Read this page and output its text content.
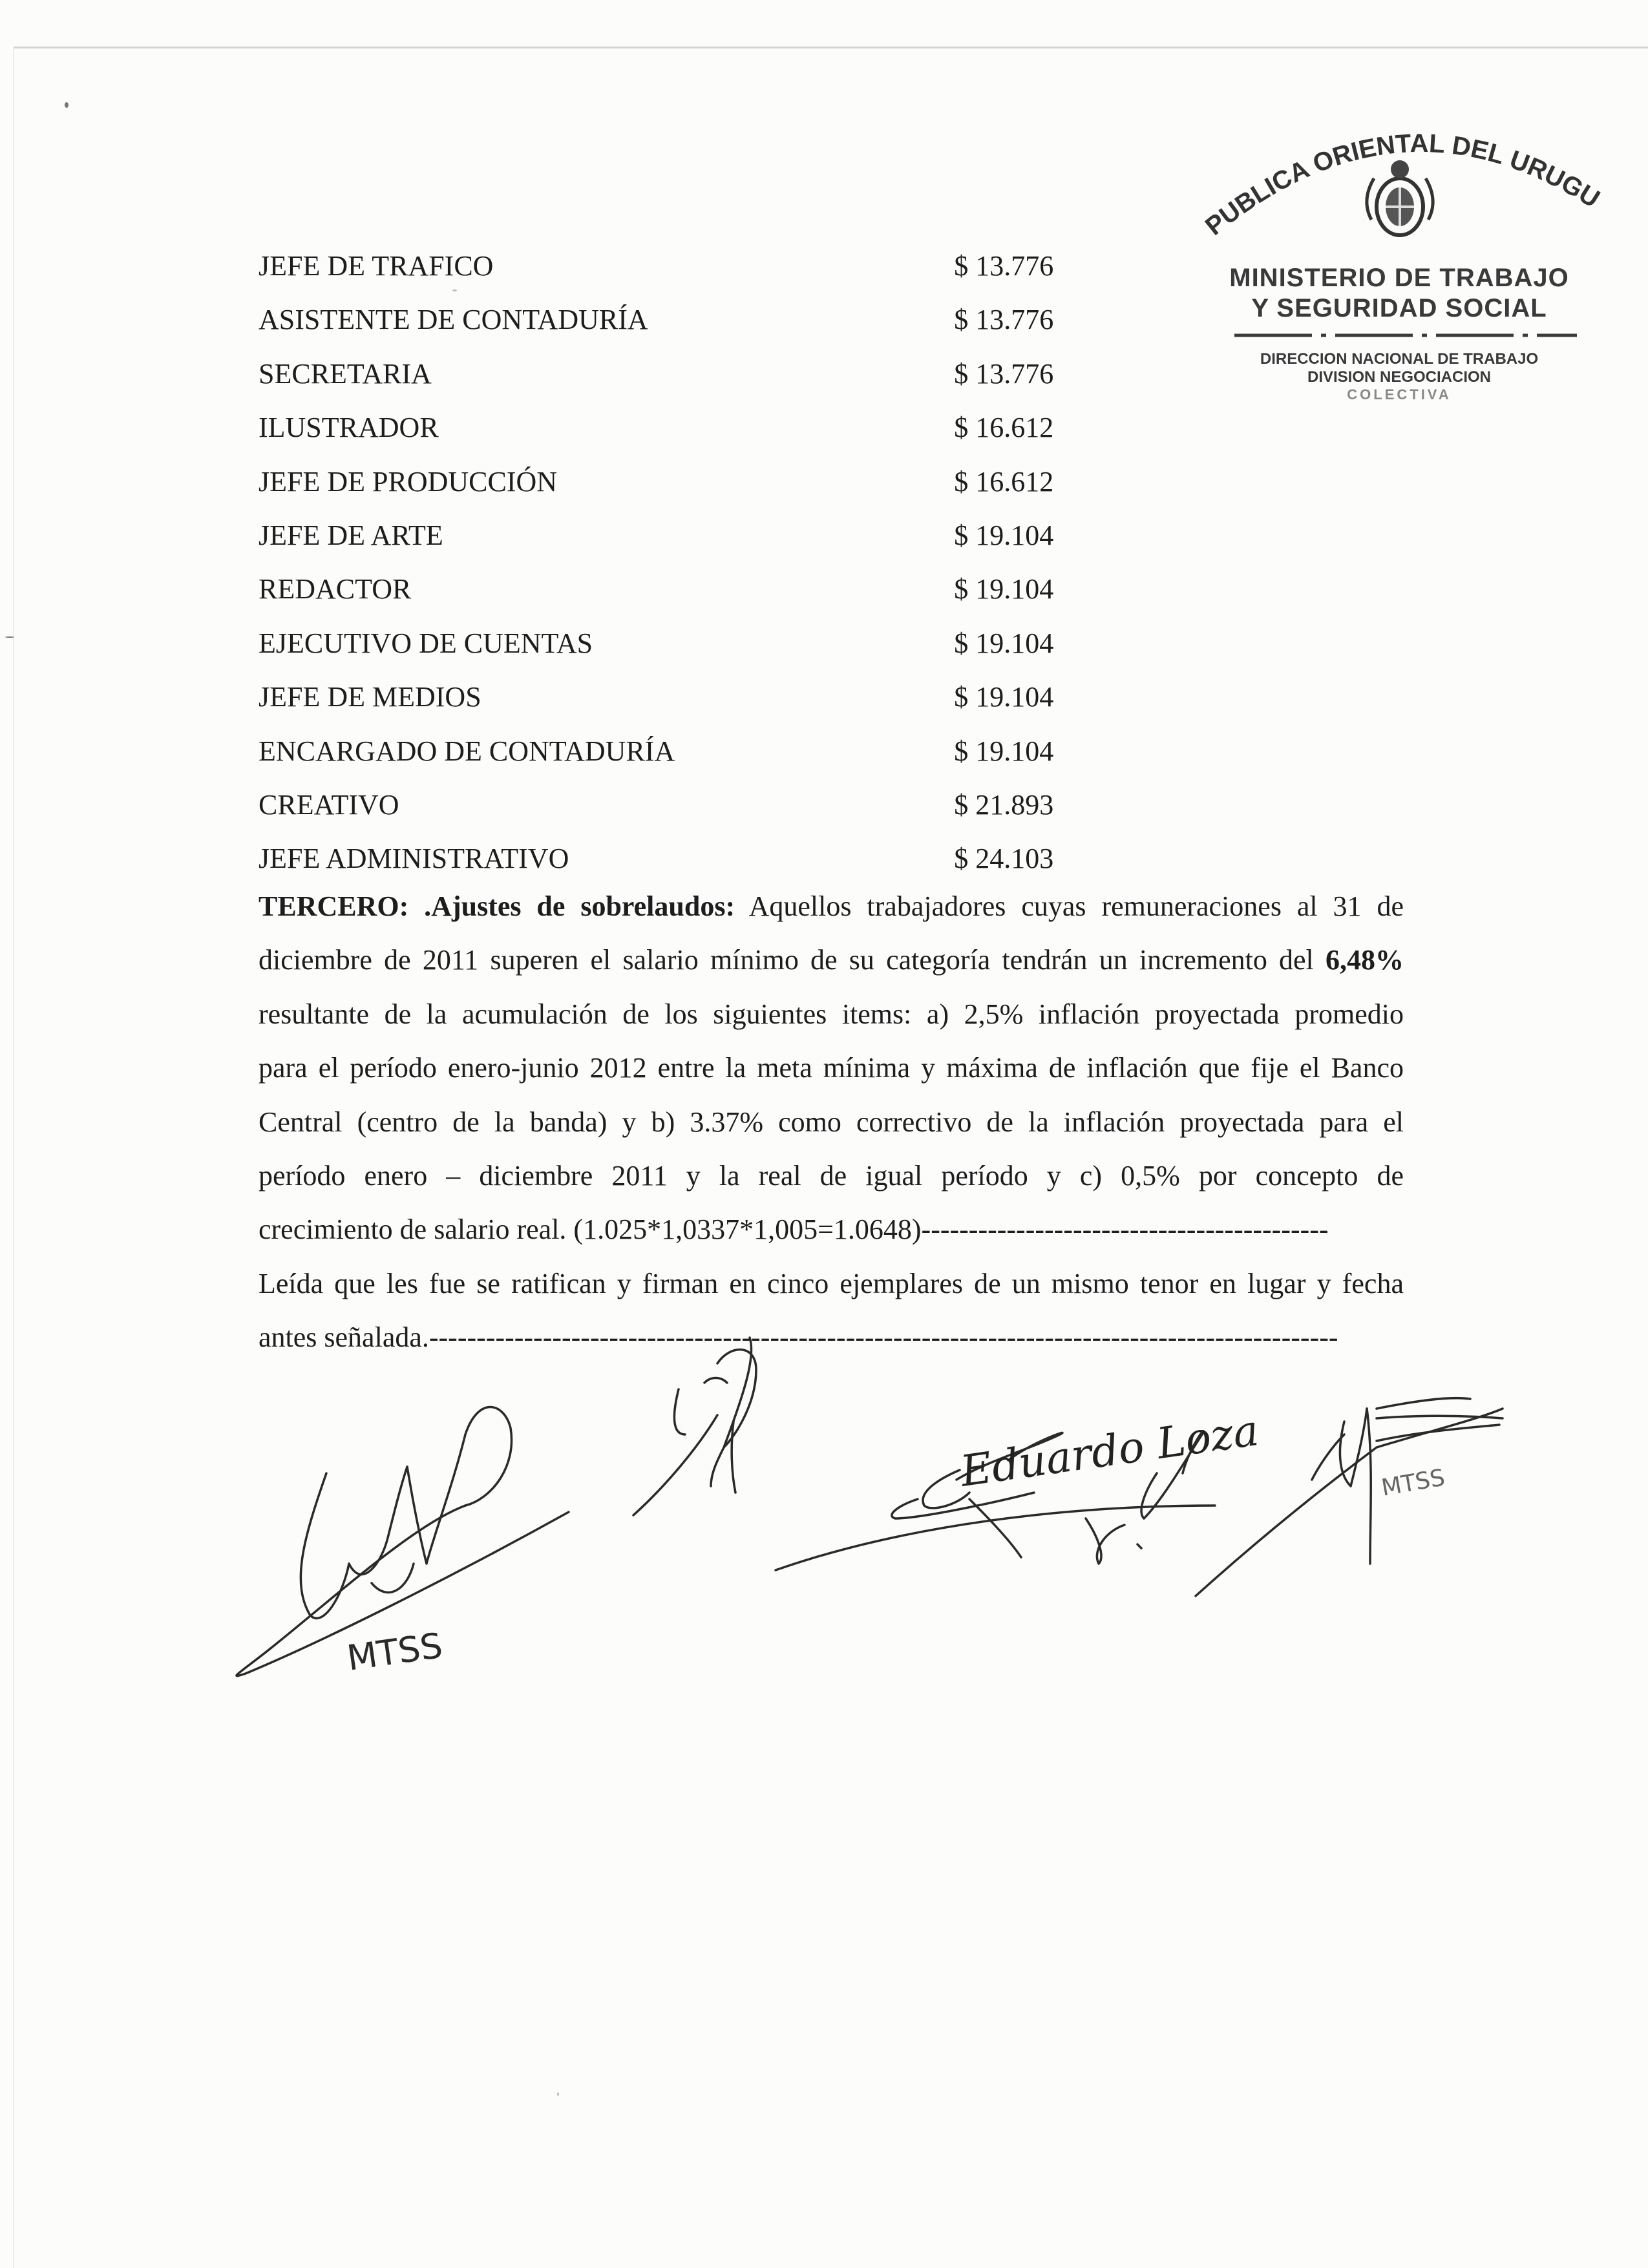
JEFE DE TRAFICO	$ 13.776
ASISTENTE DE CONTADURÍA	$ 13.776
SECRETARIA	$ 13.776
ILUSTRADOR	$ 16.612
JEFE DE PRODUCCIÓN	$ 16.612
JEFE DE ARTE	$ 19.104
REDACTOR	$ 19.104
EJECUTIVO DE CUENTAS	$ 19.104
JEFE DE MEDIOS	$ 19.104
ENCARGADO DE CONTADURÍA	$ 19.104
CREATIVO	$ 21.893
JEFE ADMINISTRATIVO	$ 24.103

TERCERO: .Ajustes de sobrelaudos: Aquellos trabajadores cuyas remuneraciones al 31 de
diciembre de 2011 superen el salario mínimo de su categoría tendrán un incremento del 6,48%
resultante de la acumulación de los siguientes items: a) 2,5% inflación proyectada promedio
para el período enero-junio 2012 entre la meta mínima y máxima de inflación que fije el Banco
Central (centro de la banda) y b) 3.37% como correctivo de la inflación proyectada para el
período enero – diciembre 2011 y la real de igual período y c) 0,5% por concepto de
crecimiento de salario real. (1.025*1,0337*1,005=1.0648)-------------------------------------------

Leída que les fue se ratifican y firman en cinco ejemplares de un mismo tenor en lugar y fecha
antes señalada.------------------------------------------------------------------------------------------------

PUBLICA ORIENTAL DEL URUGU
MINISTERIO DE TRABAJO
Y SEGURIDAD SOCIAL
DIRECCION NACIONAL DE TRABAJO
DIVISION NEGOCIACION
COLECTIVA
MTSS
Eduardo Loza	MTSS
